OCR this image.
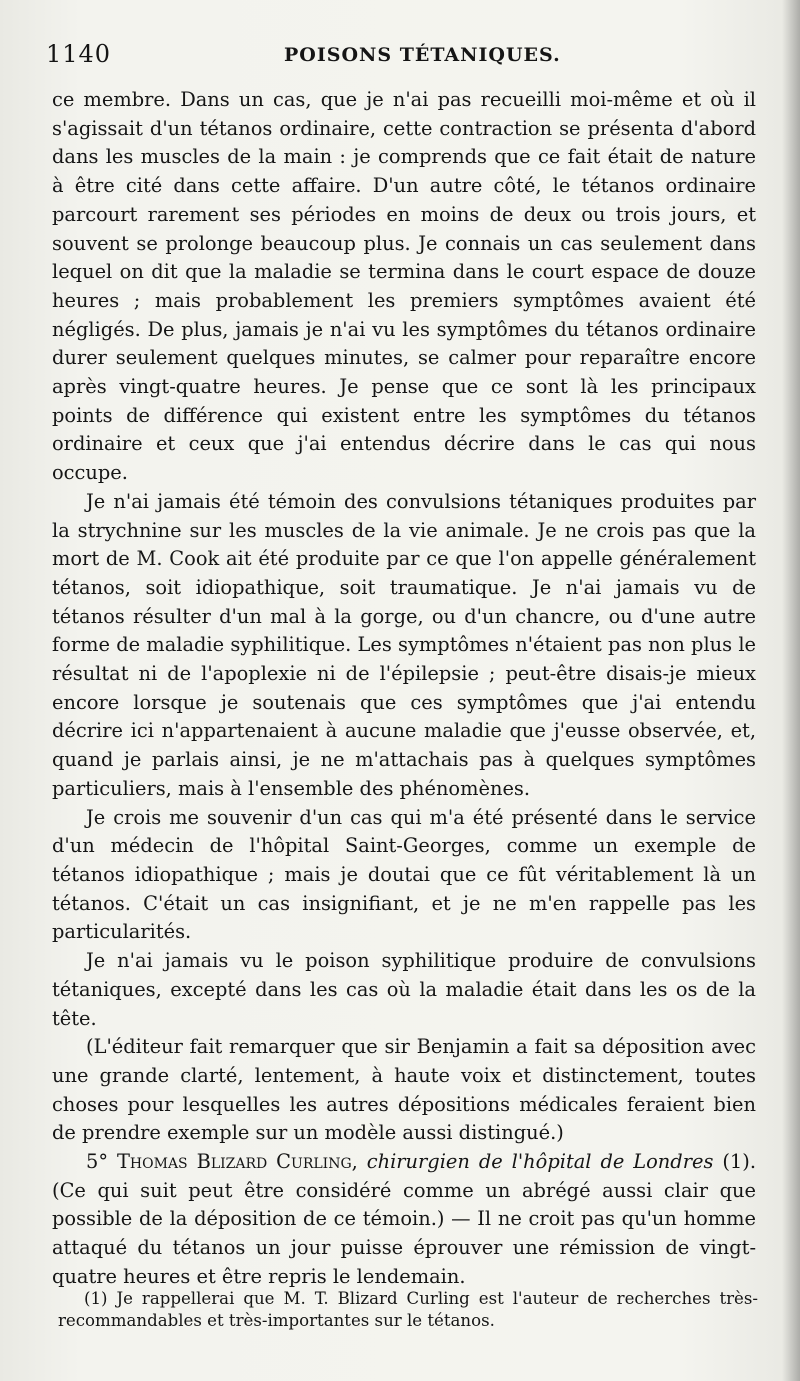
1140	POISONS TÉTANIQUES.

ce membre. Dans un cas, que je n'ai pas recueilli moi-même et où il s'agissait d'un tétanos ordinaire, cette contraction se présenta d'abord dans les muscles de la main : je comprends que ce fait était de nature à être cité dans cette affaire. D'un autre côté, le tétanos ordinaire parcourt rarement ses périodes en moins de deux ou trois jours, et souvent se prolonge beaucoup plus. Je connais un cas seulement dans lequel on dit que la maladie se termina dans le court espace de douze heures ; mais probablement les premiers symptômes avaient été négligés. De plus, jamais je n'ai vu les symptômes du tétanos ordinaire durer seulement quelques minutes, se calmer pour reparaître encore après vingt-quatre heures. Je pense que ce sont là les principaux points de différence qui existent entre les symptômes du tétanos ordinaire et ceux que j'ai entendus décrire dans le cas qui nous occupe.

Je n'ai jamais été témoin des convulsions tétaniques produites par la strychnine sur les muscles de la vie animale. Je ne crois pas que la mort de M. Cook ait été produite par ce que l'on appelle généralement tétanos, soit idiopathique, soit traumatique. Je n'ai jamais vu de tétanos résulter d'un mal à la gorge, ou d'un chancre, ou d'une autre forme de maladie syphilitique. Les symptômes n'étaient pas non plus le résultat ni de l'apoplexie ni de l'épilepsie ; peut-être disais-je mieux encore lorsque je soutenais que ces symptômes que j'ai entendu décrire ici n'appartenaient à aucune maladie que j'eusse observée, et, quand je parlais ainsi, je ne m'attachais pas à quelques symptômes particuliers, mais à l'ensemble des phénomènes.

Je crois me souvenir d'un cas qui m'a été présenté dans le service d'un médecin de l'hôpital Saint-Georges, comme un exemple de tétanos idiopathique ; mais je doutai que ce fût véritablement là un tétanos. C'était un cas insignifiant, et je ne m'en rappelle pas les particularités.

Je n'ai jamais vu le poison syphilitique produire de convulsions tétaniques, excepté dans les cas où la maladie était dans les os de la tête.

(L'éditeur fait remarquer que sir Benjamin a fait sa déposition avec une grande clarté, lentement, à haute voix et distinctement, toutes choses pour lesquelles les autres dépositions médicales feraient bien de prendre exemple sur un modèle aussi distingué.)

5° Thomas Blizard Curling, chirurgien de l'hôpital de Londres (1). (Ce qui suit peut être considéré comme un abrégé aussi clair que possible de la déposition de ce témoin.) — Il ne croit pas qu'un homme attaqué du tétanos un jour puisse éprouver une rémission de vingt-quatre heures et être repris le lendemain.

(1) Je rappellerai que M. T. Blizard Curling est l'auteur de recherches très-recommandables et très-importantes sur le tétanos.
